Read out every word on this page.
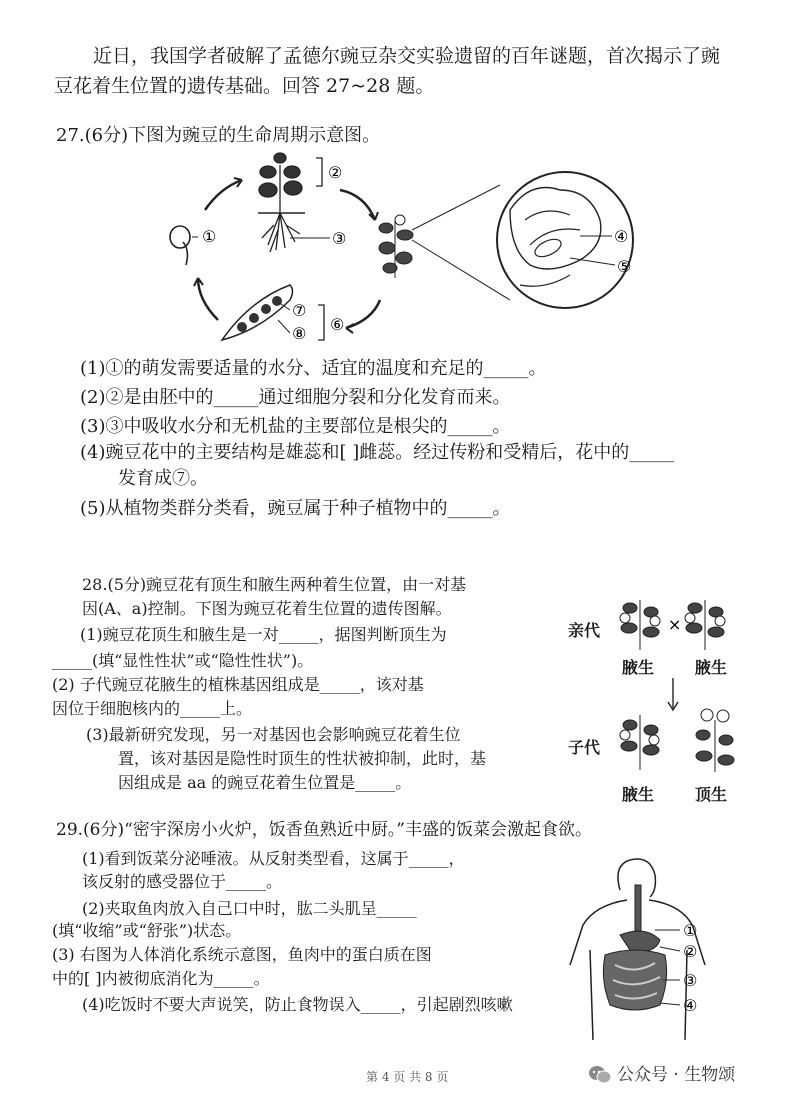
近日，我国学者破解了孟德尔豌豆杂交实验遗留的百年谜题，首次揭示了豌
豆花着生位置的遗传基础。回答 27~28 题。
27.(6分)下图为豌豆的生命周期示意图。
①
②
③	④
⑤
⑥
⑦
⑧
(1)①的萌发需要适量的水分、适宜的温度和充足的_____。
(2)②是由胚中的_____通过细胞分裂和分化发育而来。
(3)③中吸收水分和无机盐的主要部位是根尖的_____。
(4)豌豆花中的主要结构是雄蕊和[ ]雌蕊。经过传粉和受精后，花中的_____
发育成⑦。
(5)从植物类群分类看，豌豆属于种子植物中的_____。
28.(5分)豌豆花有顶生和腋生两种着生位置，由一对基
因(A、a)控制。下图为豌豆花着生位置的遗传图解。
(1)豌豆花顶生和腋生是一对_____，据图判断顶生为
_____(填“显性性状”或“隐性性状”)。
(2) 子代豌豆花腋生的植株基因组成是_____，该对基
因位于细胞核内的_____上。
(3)最新研究发现，另一对基因也会影响豌豆花着生位
置，该对基因是隐性时顶生的性状被抑制，此时，基
因组成是 aa 的豌豆花着生位置是_____。
亲代	×
腋生	腋生
子代
腋生	顶生
29.(6分)“密宇深房小火炉，饭香鱼熟近中厨。”丰盛的饭菜会激起食欲。
(1)看到饭菜分泌唾液。从反射类型看，这属于_____，
该反射的感受器位于_____。
(2)夹取鱼肉放入自己口中时，肱二头肌呈_____
(填“收缩”或“舒张”)状态。
(3) 右图为人体消化系统示意图，鱼肉中的蛋白质在图
中的[ ]内被彻底消化为_____。
(4)吃饭时不要大声说笑，防止食物误入_____，引起剧烈咳嗽
①
②
③
④
第 4 页 共 8 页	公众号 · 生物颂
